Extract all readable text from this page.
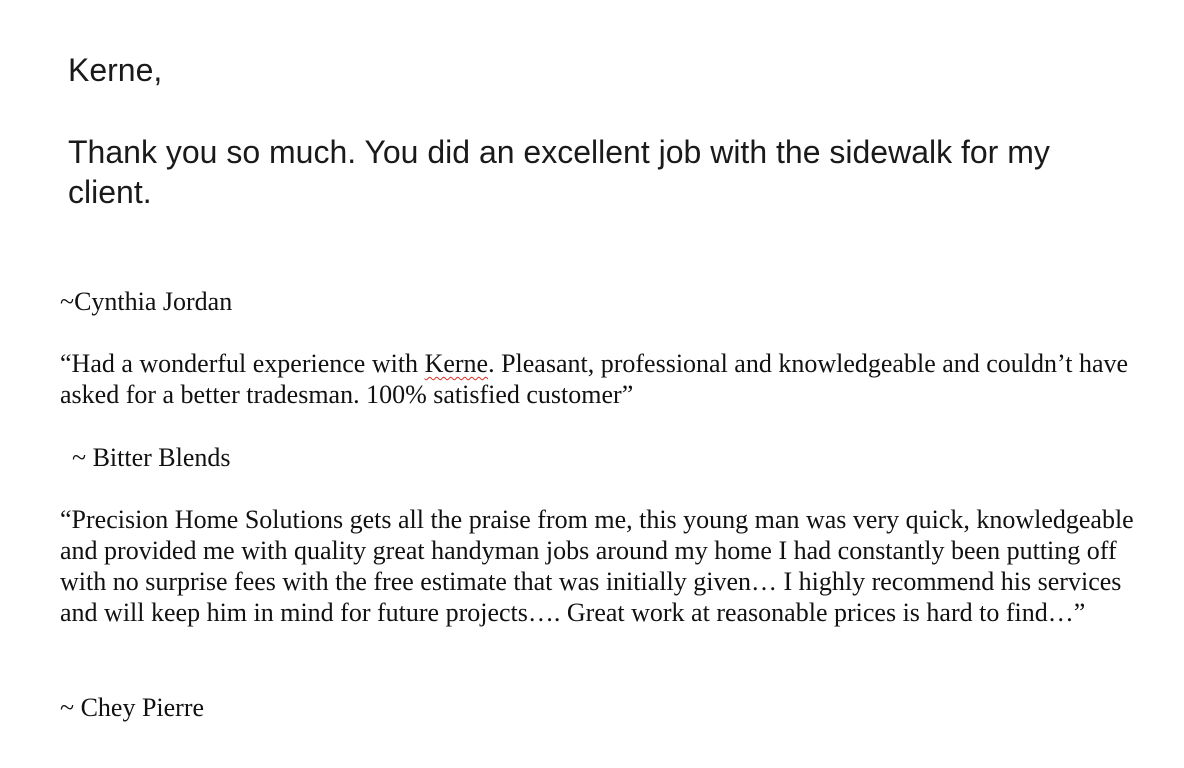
Kerne,
Thank you so much. You did an excellent job with the sidewalk for my client.
~Cynthia Jordan

“Had a wonderful experience with Kerne. Pleasant, professional and knowledgeable and couldn’t have asked for a better tradesman. 100% satisfied customer”

~ Bitter Blends

“Precision Home Solutions gets all the praise from me, this young man was very quick, knowledgeable and provided me with quality great handyman jobs around my home I had constantly been putting off with no surprise fees with the free estimate that was initially given… I highly recommend his services and will keep him in mind for future projects…. Great work at reasonable prices is hard to find…”

~ Chey Pierre
